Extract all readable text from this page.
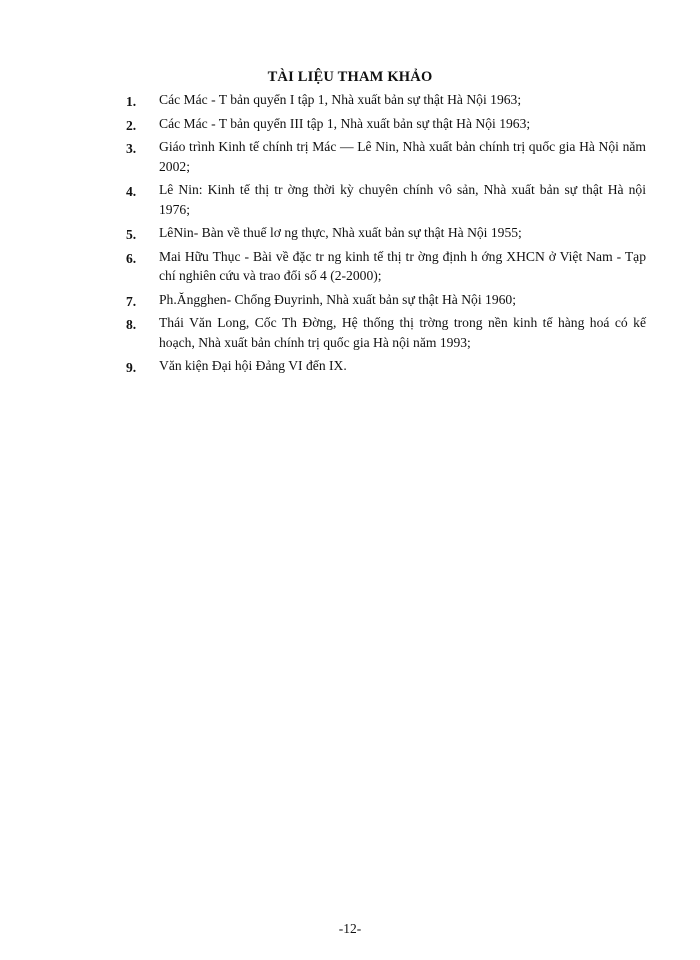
TÀI LIỆU THAM KHẢO
1. Các Mác - T bản quyển I tập 1, Nhà xuất bản sự thật Hà Nội 1963;
2. Các Mác - T bản quyển III tập 1, Nhà xuất bản sự thật Hà Nội 1963;
3. Giáo trình Kinh tế chính trị Mác — Lê Nin, Nhà xuất bản chính trị quốc gia Hà Nội năm 2002;
4. Lê Nin: Kinh tế thị tr ờng thời kỳ chuyên chính vô sản, Nhà xuất bản sự thật Hà nội 1976;
5. LêNin- Bàn về thuế lơ ng thực, Nhà xuất bản sự thật Hà Nội 1955;
6. Mai Hữu Thục - Bài về đặc tr ng kinh tế thị tr ờng định h ớng XHCN ở Việt Nam - Tạp chí nghiên cứu và trao đổi số 4 (2-2000);
7. Ph.Ăngghen- Chống Đuyrinh, Nhà xuất bản sự thật Hà Nội 1960;
8. Thái Văn Long, Cốc Th Đờng, Hệ thống thị trờng trong nền kinh tế hàng hoá có kế hoạch, Nhà xuất bản chính trị quốc gia Hà nội năm 1993;
9. Văn kiện Đại hội Đảng VI đến IX.
-12-
